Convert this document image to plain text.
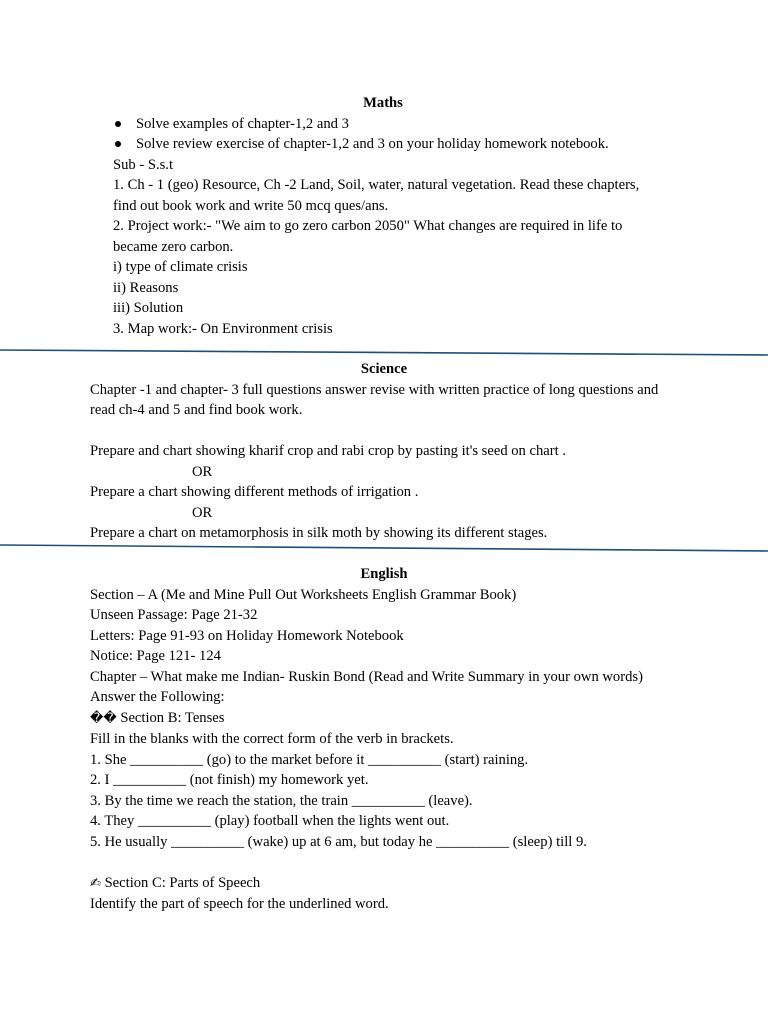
Maths
Solve examples of chapter-1,2 and 3
Solve review exercise of chapter-1,2 and 3 on your holiday homework notebook.
Sub - S.s.t
1. Ch - 1 (geo) Resource, Ch -2 Land, Soil, water, natural vegetation. Read these chapters,
find out book work and write 50 mcq ques/ans.
2. Project work:- "We aim to go zero carbon 2050" What changes are required in life to
became zero carbon.
i) type of climate crisis
ii) Reasons
iii) Solution
3. Map work:- On Environment crisis
Science
Chapter -1 and chapter- 3 full questions answer revise with written practice of long questions and
read ch-4 and 5 and find book work.
Prepare and chart showing kharif crop and rabi crop by pasting it's seed on chart .
OR
Prepare a chart showing different methods of irrigation .
OR
Prepare a chart on metamorphosis in silk moth by showing its different stages.
English
Section – A (Me and Mine Pull Out Worksheets English Grammar Book)
Unseen Passage: Page 21-32
Letters: Page 91-93 on Holiday Homework Notebook
Notice: Page 121- 124
Chapter – What make me Indian- Ruskin Bond (Read and Write Summary in your own words)
Answer the Following:
�� Section B: Tenses
Fill in the blanks with the correct form of the verb in brackets.
1. She __________ (go) to the market before it __________ (start) raining.
2. I __________ (not finish) my homework yet.
3. By the time we reach the station, the train __________ (leave).
4. They __________ (play) football when the lights went out.
5. He usually __________ (wake) up at 6 am, but today he __________ (sleep) till 9.
✍ Section C: Parts of Speech
Identify the part of speech for the underlined word.
